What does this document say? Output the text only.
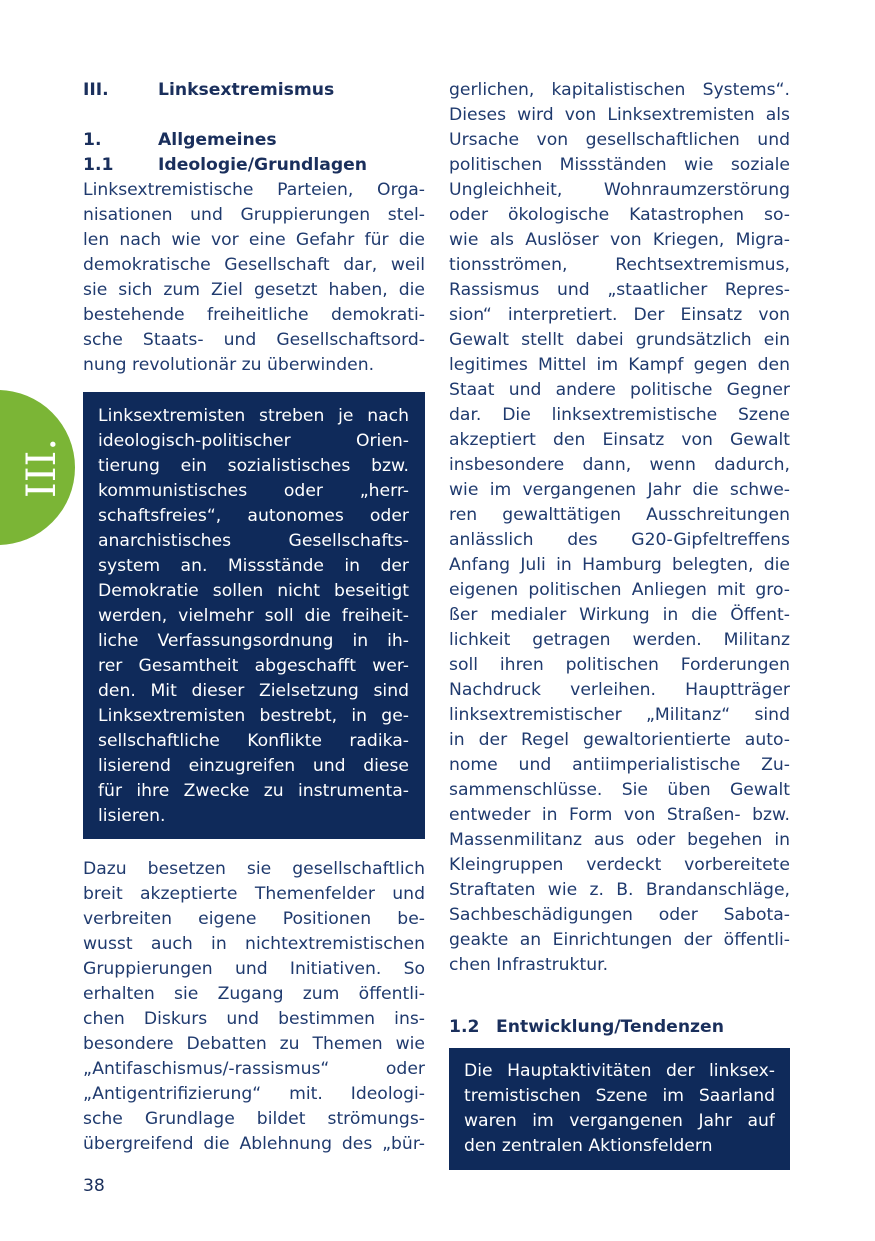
III.
III.	Linksextremismus
1.	Allgemeines
1.1	Ideologie/Grundlagen
Linksextremistische Parteien, Orga-
nisationen und Gruppierungen stel-
len nach wie vor eine Gefahr für die
demokratische Gesellschaft dar, weil
sie sich zum Ziel gesetzt haben, die
bestehende freiheitliche demokrati-
sche Staats- und Gesellschaftsord-
nung revolutionär zu überwinden.
Linksextremisten streben je nach
ideologisch-politischer Orien-
tierung ein sozialistisches bzw.
kommunistisches oder „herr-
schaftsfreies“, autonomes oder
anarchistisches Gesellschafts-
system an. Missstände in der
Demokratie sollen nicht beseitigt
werden, vielmehr soll die freiheit-
liche Verfassungsordnung in ih-
rer Gesamtheit abgeschafft wer-
den. Mit dieser Zielsetzung sind
Linksextremisten bestrebt, in ge-
sellschaftliche Konflikte radika-
lisierend einzugreifen und diese
für ihre Zwecke zu instrumenta-
lisieren.
Dazu besetzen sie gesellschaftlich
breit akzeptierte Themenfelder und
verbreiten eigene Positionen be-
wusst auch in nichtextremistischen
Gruppierungen und Initiativen. So
erhalten sie Zugang zum öffentli-
chen Diskurs und bestimmen ins-
besondere Debatten zu Themen wie
„Antifaschismus/-rassismus“ oder
„Antigentrifizierung“ mit. Ideologi-
sche Grundlage bildet strömungs-
übergreifend die Ablehnung des „bür-
gerlichen, kapitalistischen Systems“.
Dieses wird von Linksextremisten als
Ursache von gesellschaftlichen und
politischen Missständen wie soziale
Ungleichheit, Wohnraumzerstörung
oder ökologische Katastrophen so-
wie als Auslöser von Kriegen, Migra-
tionsströmen, Rechtsextremismus,
Rassismus und „staatlicher Repres-
sion“ interpretiert. Der Einsatz von
Gewalt stellt dabei grundsätzlich ein
legitimes Mittel im Kampf gegen den
Staat und andere politische Gegner
dar. Die linksextremistische Szene
akzeptiert den Einsatz von Gewalt
insbesondere dann, wenn dadurch,
wie im vergangenen Jahr die schwe-
ren gewalttätigen Ausschreitungen
anlässlich des G20-Gipfeltreffens
Anfang Juli in Hamburg belegten, die
eigenen politischen Anliegen mit gro-
ßer medialer Wirkung in die Öffent-
lichkeit getragen werden. Militanz
soll ihren politischen Forderungen
Nachdruck verleihen. Hauptträger
linksextremistischer „Militanz“ sind
in der Regel gewaltorientierte auto-
nome und antiimperialistische Zu-
sammenschlüsse. Sie üben Gewalt
entweder in Form von Straßen- bzw.
Massenmilitanz aus oder begehen in
Kleingruppen verdeckt vorbereitete
Straftaten wie z. B. Brandanschläge,
Sachbeschädigungen oder Sabota-
geakte an Einrichtungen der öffentli-
chen Infrastruktur.
1.2 Entwicklung/Tendenzen
Die Hauptaktivitäten der linksex-
tremistischen Szene im Saarland
waren im vergangenen Jahr auf
den zentralen Aktionsfeldern
38
